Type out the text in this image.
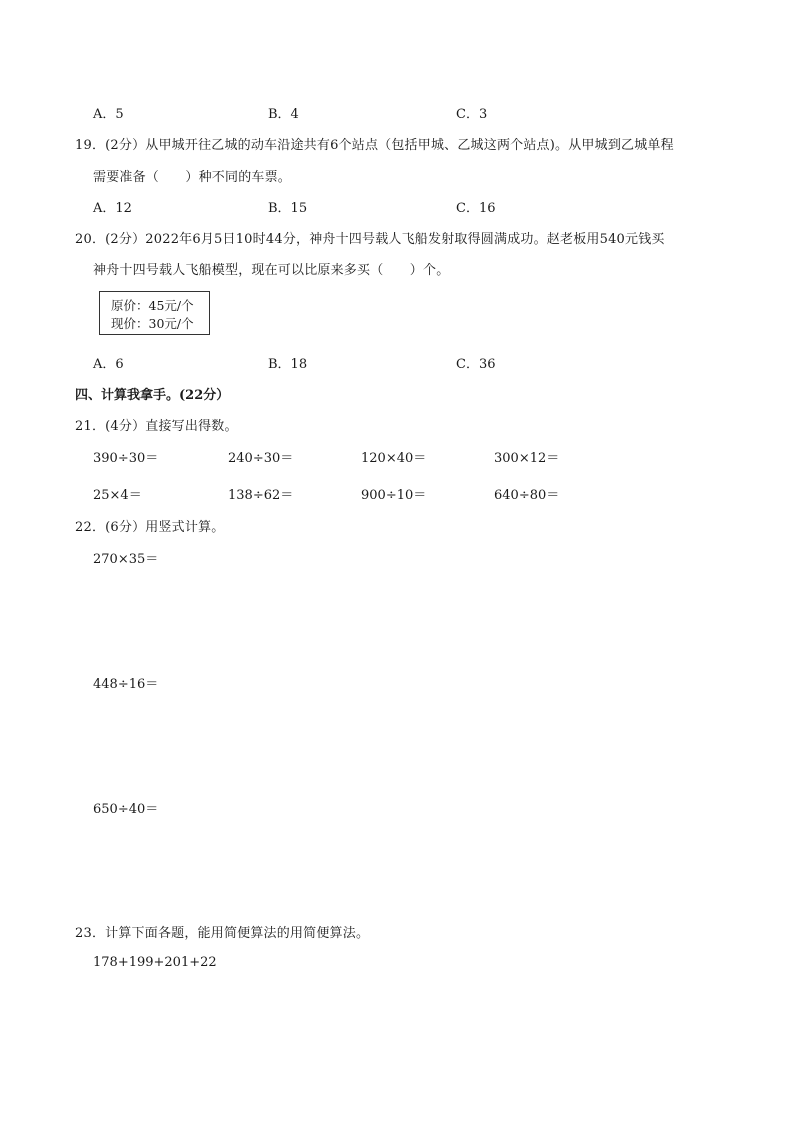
A．5	B．4	C．3
19．(2分）从甲城开往乙城的动车沿途共有6个站点（包括甲城、乙城这两个站点)。从甲城到乙城单程
需要准备（　　）种不同的车票。
A．12	B．15	C．16
20．(2分）2022年6月5日10时44分，神舟十四号载人飞船发射取得圆满成功。赵老板用540元钱买
神舟十四号载人飞船模型，现在可以比原来多买（　　）个。
原价：45元/个
现价：30元/个
A．6	B．18	C．36
四、计算我拿手。(22分）
21．(4分）直接写出得数。
390÷30＝	240÷30＝	120×40＝	300×12＝
25×4＝	138÷62＝	900÷10＝	640÷80＝
22．(6分）用竖式计算。
270×35＝
448÷16＝
650÷40＝
23．计算下面各题，能用简便算法的用简便算法。
178+199+201+22
